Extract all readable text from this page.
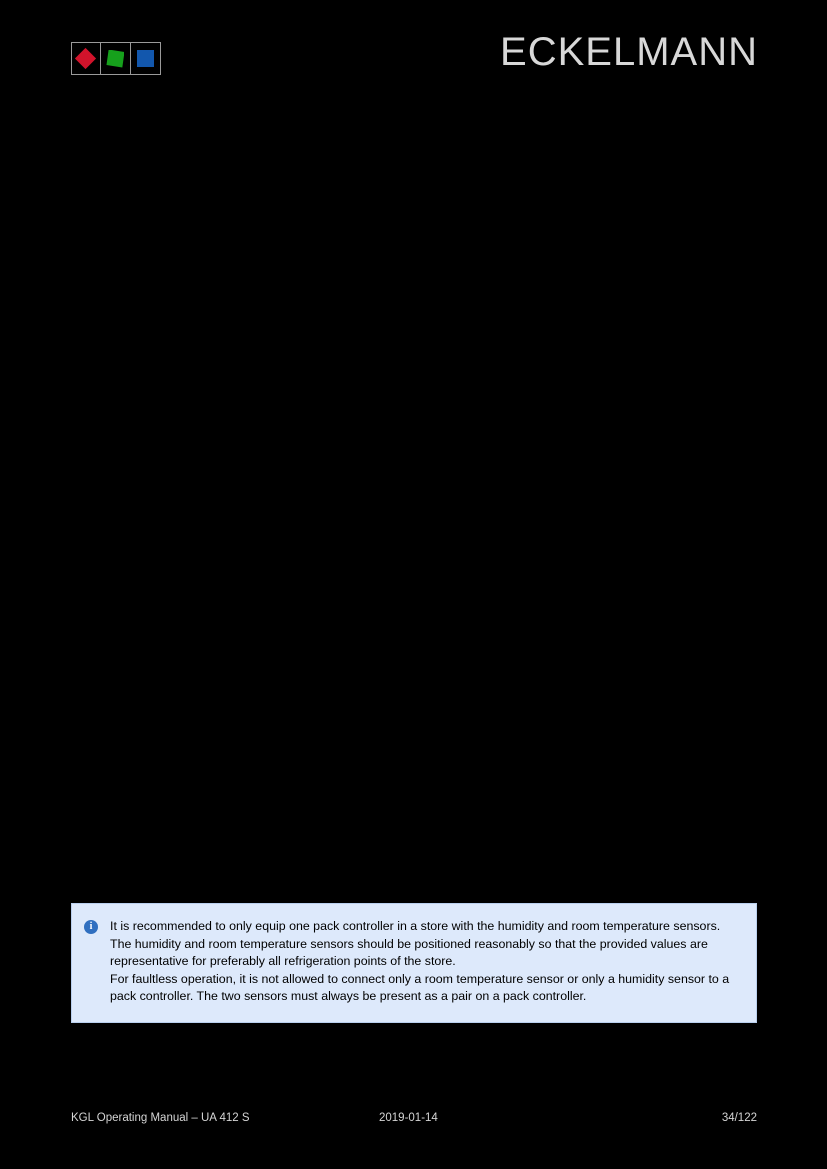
ECKELMANN
i	It is recommended to only equip one pack controller in a store with the humidity and room temperature sensors. The humidity and room temperature sensors should be positioned reasonably so that the provided values are representative for preferably all refrigeration points of the store.

For faultless operation, it is not allowed to connect only a room temperature sensor or only a humidity sensor to a pack controller. The two sensors must always be present as a pair on a pack controller.

KGL Operating Manual – UA 412 S	2019-01-14	34/122
